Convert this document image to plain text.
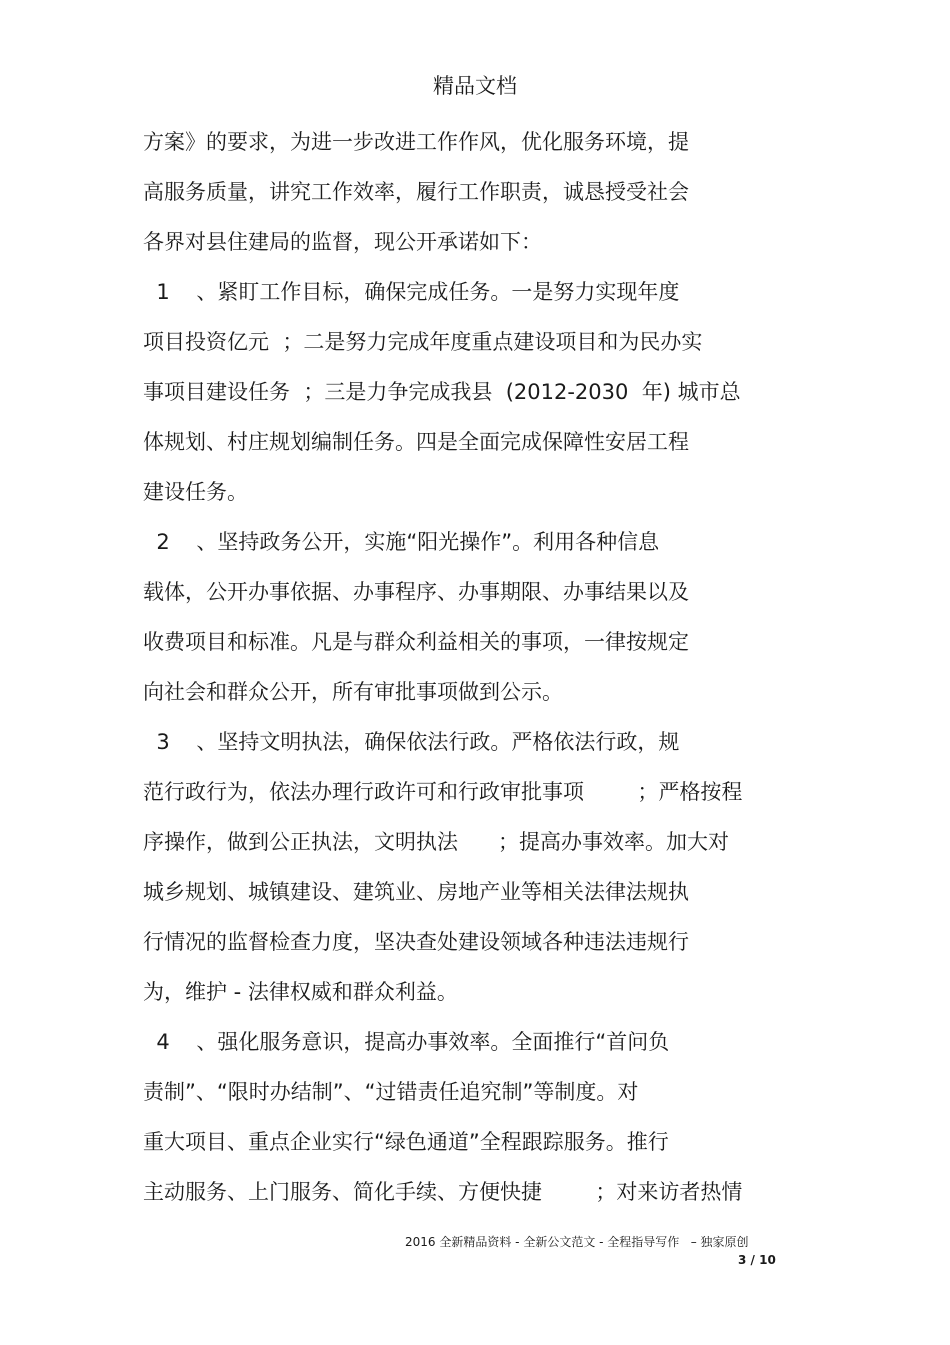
精品文档
方案》的要求，为进一步改进工作作风，优化服务环境，提
高服务质量，讲究工作效率，履行工作职责，诚恳授受社会
各界对县住建局的监督，现公开承诺如下：
1    、紧盯工作目标，确保完成任务。一是努力实现年度
项目投资亿元  ；二是努力完成年度重点建设项目和为民办实
事项目建设任务  ；三是力争完成我县  (2012-2030  年) 城市总
体规划、村庄规划编制任务。四是全面完成保障性安居工程
建设任务。
2    、坚持政务公开，实施“阳光操作”。利用各种信息
载体，公开办事依据、办事程序、办事期限、办事结果以及
收费项目和标准。凡是与群众利益相关的事项，一律按规定
向社会和群众公开，所有审批事项做到公示。
3    、坚持文明执法，确保依法行政。严格依法行政，规
范行政行为，依法办理行政许可和行政审批事项        ；严格按程
序操作，做到公正执法，文明执法      ；提高办事效率。加大对
城乡规划、城镇建设、建筑业、房地产业等相关法律法规执
行情况的监督检查力度，坚决查处建设领域各种违法违规行
为，维护 - 法律权威和群众利益。
4    、强化服务意识，提高办事效率。全面推行“首问负
责制”、“限时办结制”、“过错责任追究制”等制度。对
重大项目、重点企业实行“绿色通道”全程跟踪服务。推行
主动服务、上门服务、简化手续、方便快捷        ；对来访者热情
2016 全新精品资料 - 全新公文范文 - 全程指导写作   – 独家原创
3 / 10
